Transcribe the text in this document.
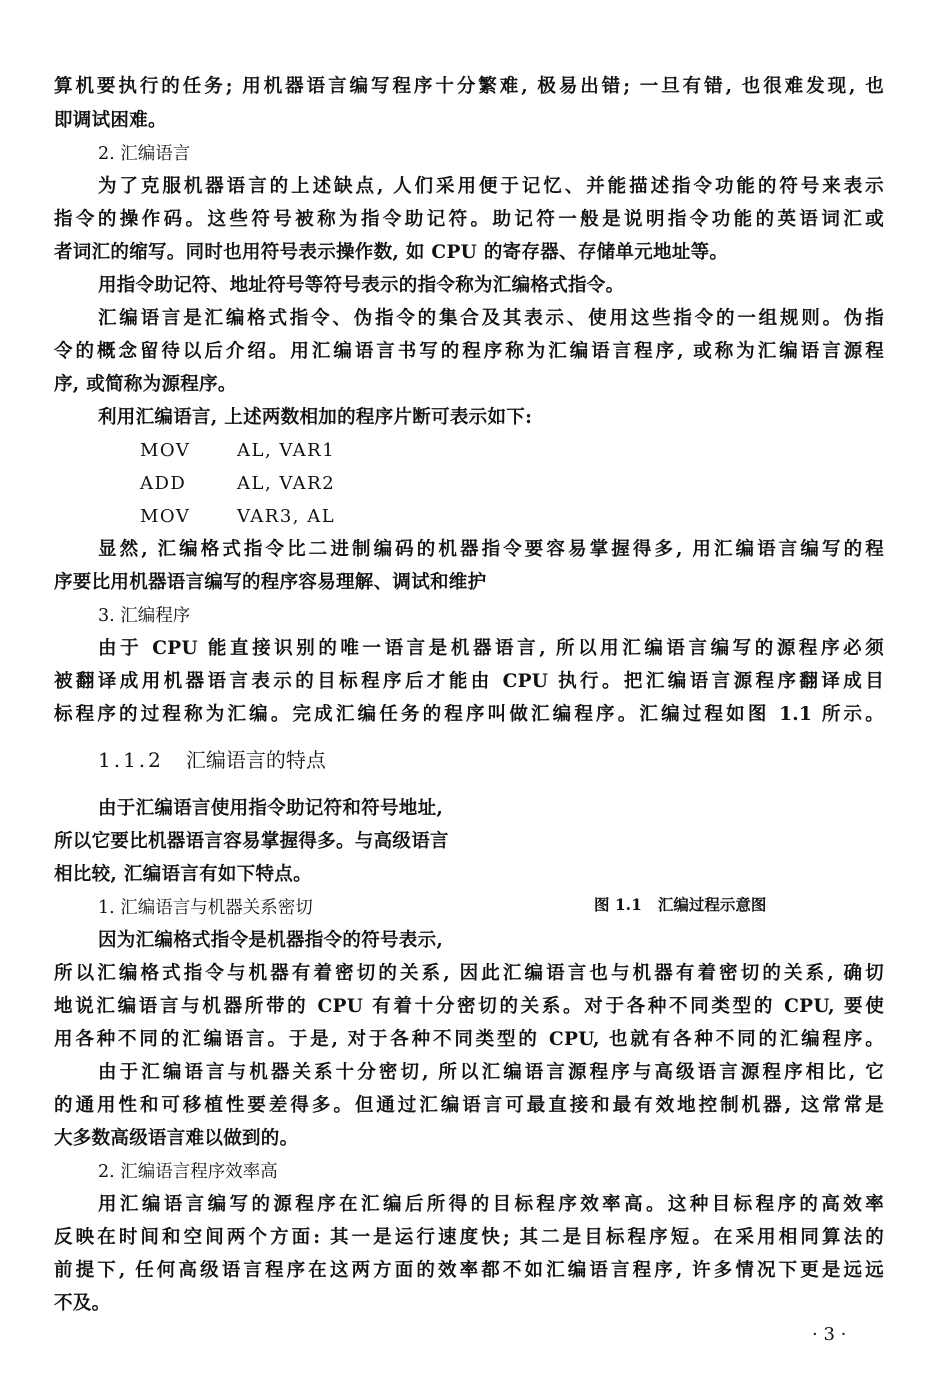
算机要执行的任务; 用机器语言编写程序十分繁难, 极易出错; 一旦有错, 也很难发现, 也
即调试困难。
2. 汇编语言
为了克服机器语言的上述缺点, 人们采用便于记忆、并能描述指令功能的符号来表示
指令的操作码。这些符号被称为指令助记符。助记符一般是说明指令功能的英语词汇或
者词汇的缩写。同时也用符号表示操作数, 如 CPU 的寄存器、存储单元地址等。
用指令助记符、地址符号等符号表示的指令称为汇编格式指令。
汇编语言是汇编格式指令、伪指令的集合及其表示、使用这些指令的一组规则。伪指
令的概念留待以后介绍。用汇编语言书写的程序称为汇编语言程序, 或称为汇编语言源程
序, 或简称为源程序。
利用汇编语言, 上述两数相加的程序片断可表示如下:
MOV	AL, VAR1
ADD	AL, VAR2
MOV	VAR3, AL
显然, 汇编格式指令比二进制编码的机器指令要容易掌握得多, 用汇编语言编写的程
序要比用机器语言编写的程序容易理解、调试和维护
3. 汇编程序
由于 CPU 能直接识别的唯一语言是机器语言, 所以用汇编语言编写的源程序必须
被翻译成用机器语言表示的目标程序后才能由 CPU 执行。把汇编语言源程序翻译成目
标程序的过程称为汇编。完成汇编任务的程序叫做汇编程序。汇编过程如图 1.1 所示。
1.1.2 汇编语言的特点
由于汇编语言使用指令助记符和符号地址,
所以它要比机器语言容易掌握得多。与高级语言
相比较, 汇编语言有如下特点。
1. 汇编语言与机器关系密切	图 1.1 汇编过程示意图
因为汇编格式指令是机器指令的符号表示,
所以汇编格式指令与机器有着密切的关系, 因此汇编语言也与机器有着密切的关系, 确切
地说汇编语言与机器所带的 CPU 有着十分密切的关系。对于各种不同类型的 CPU, 要使
用各种不同的汇编语言。于是, 对于各种不同类型的 CPU, 也就有各种不同的汇编程序。
由于汇编语言与机器关系十分密切, 所以汇编语言源程序与高级语言源程序相比, 它
的通用性和可移植性要差得多。但通过汇编语言可最直接和最有效地控制机器, 这常常是
大多数高级语言难以做到的。
2. 汇编语言程序效率高
用汇编语言编写的源程序在汇编后所得的目标程序效率高。这种目标程序的高效率
反映在时间和空间两个方面: 其一是运行速度快; 其二是目标程序短。在采用相同算法的
前提下, 任何高级语言程序在这两方面的效率都不如汇编语言程序, 许多情况下更是远远
不及。
· 3 ·
